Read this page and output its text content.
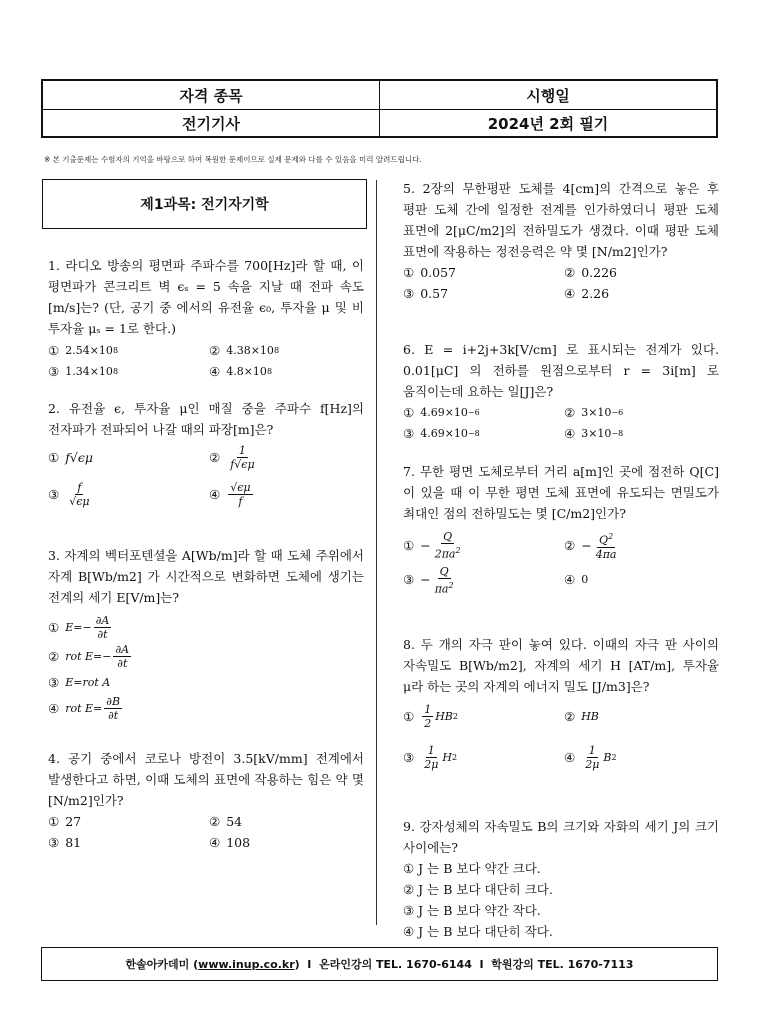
자격 종목	시행일
전기기사	2024년 2회 필기
※ 본 기출문제는 수험자의 기억을 바탕으로 하여 복원한 문제이므로 실제 문제와 다를 수 있음을 미리 알려드립니다.
제1과목: 전기자기학
1. 라디오 방송의 평면파 주파수를 700[Hz]라 할 때, 이 평면파가 콘크리트 벽 ϵₛ = 5 속을 지날 때 전파 속도[m/s]는? (단, 공기 중 에서의 유전율 ϵ₀, 투자율 μ 및 비 투자율 μₛ = 1로 한다.)
① 2.54×10 8	② 4.38×10 8
③ 1.34×10 8	④ 4.8×10 8
2. 유전율 ϵ, 투자율 μ인 매질 중을 주파수 f[Hz]의 전자파가 전파되어 나갈 때의 파장[m]은?
① f √ϵμ	② $\frac{1}{f√\epsilon\mu}$
③ $\frac{f}{√\epsilon\mu}$	④ $\frac{√\epsilon\mu}{f}$
3. 자계의 벡터포텐셜을 A[Wb/m]라 할 때 도체 주위에서 자계 B[Wb/m2] 가 시간적으로 변화하면 도체에 생기는 전계의 세기 E[V/m]는?
① $E=- \frac{\partial A}{\partial t}$
② rot $E=- \frac{\partial A}{\partial t}$
③ E=rot A
④ rot $E= \frac{\partial B}{\partial t}$
4. 공기 중에서 코로나 방전이 3.5[kV/mm] 전계에서 발생한다고 하면, 이때 도체의 표면에 작용하는 힘은 약 몇 [N/m2]인가?
① 27	② 54
③ 81	④ 108
5. 2장의 무한평판 도체를 4[cm]의 간격으로 놓은 후 평판 도체 간에 일정한 전계를 인가하였더니 평판 도체 표면에 2[μC/m2]의 전하밀도가 생겼다. 이때 평판 도체 표면에 작용하는 정전응력은 약 몇 [N/m2]인가?
① 0.057	② 0.226
③ 0.57	④ 2.26
6. E = i+2j+3k[V/cm] 로 표시되는 전계가 있다. 0.01[μC] 의 전하를 원점으로부터 r = 3i[m] 로 움직이는데 요하는 일[J]은?
① 4.69×10 −6	② 3×10 −6
③ 4.69×10 −8	④ 3×10 −8
7. 무한 평면 도체로부터 거리 a[m]인 곳에 점전하 Q[C]이 있을 때 이 무한 평면 도체 표면에 유도되는 면밀도가 최대인 점의 전하밀도는 몇 [C/m2]인가?
① − $\frac{Q}{2\pi a^2}$	② − $\frac{Q^2}{4\pi a}$
③ − $\frac{Q}{\pi a^2}$	④ 0
8. 두 개의 자극 판이 놓여 있다. 이때의 자극 판 사이의 자속밀도 B[Wb/m2], 자계의 세기 H [AT/m], 투자율 μ라 하는 곳의 자계의 에너지 밀도 [J/m3]은?
① $\frac{1}{2}$ HB 2	② HB
③ $\frac{1}{2\mu}$ H 2	④ $\frac{1}{2\mu}$ B 2
9. 강자성체의 자속밀도 B의 크기와 자화의 세기 J의 크기 사이에는?
① J 는 B 보다 약간 크다.
② J 는 B 보다 대단히 크다.
③ J 는 B 보다 약간 작다.
④ J 는 B 보다 대단히 작다.
한솔아카데미 ( www.inup.co.kr )  I  온라인강의 TEL. 1670-6144  I  학원강의 TEL. 1670-7113
